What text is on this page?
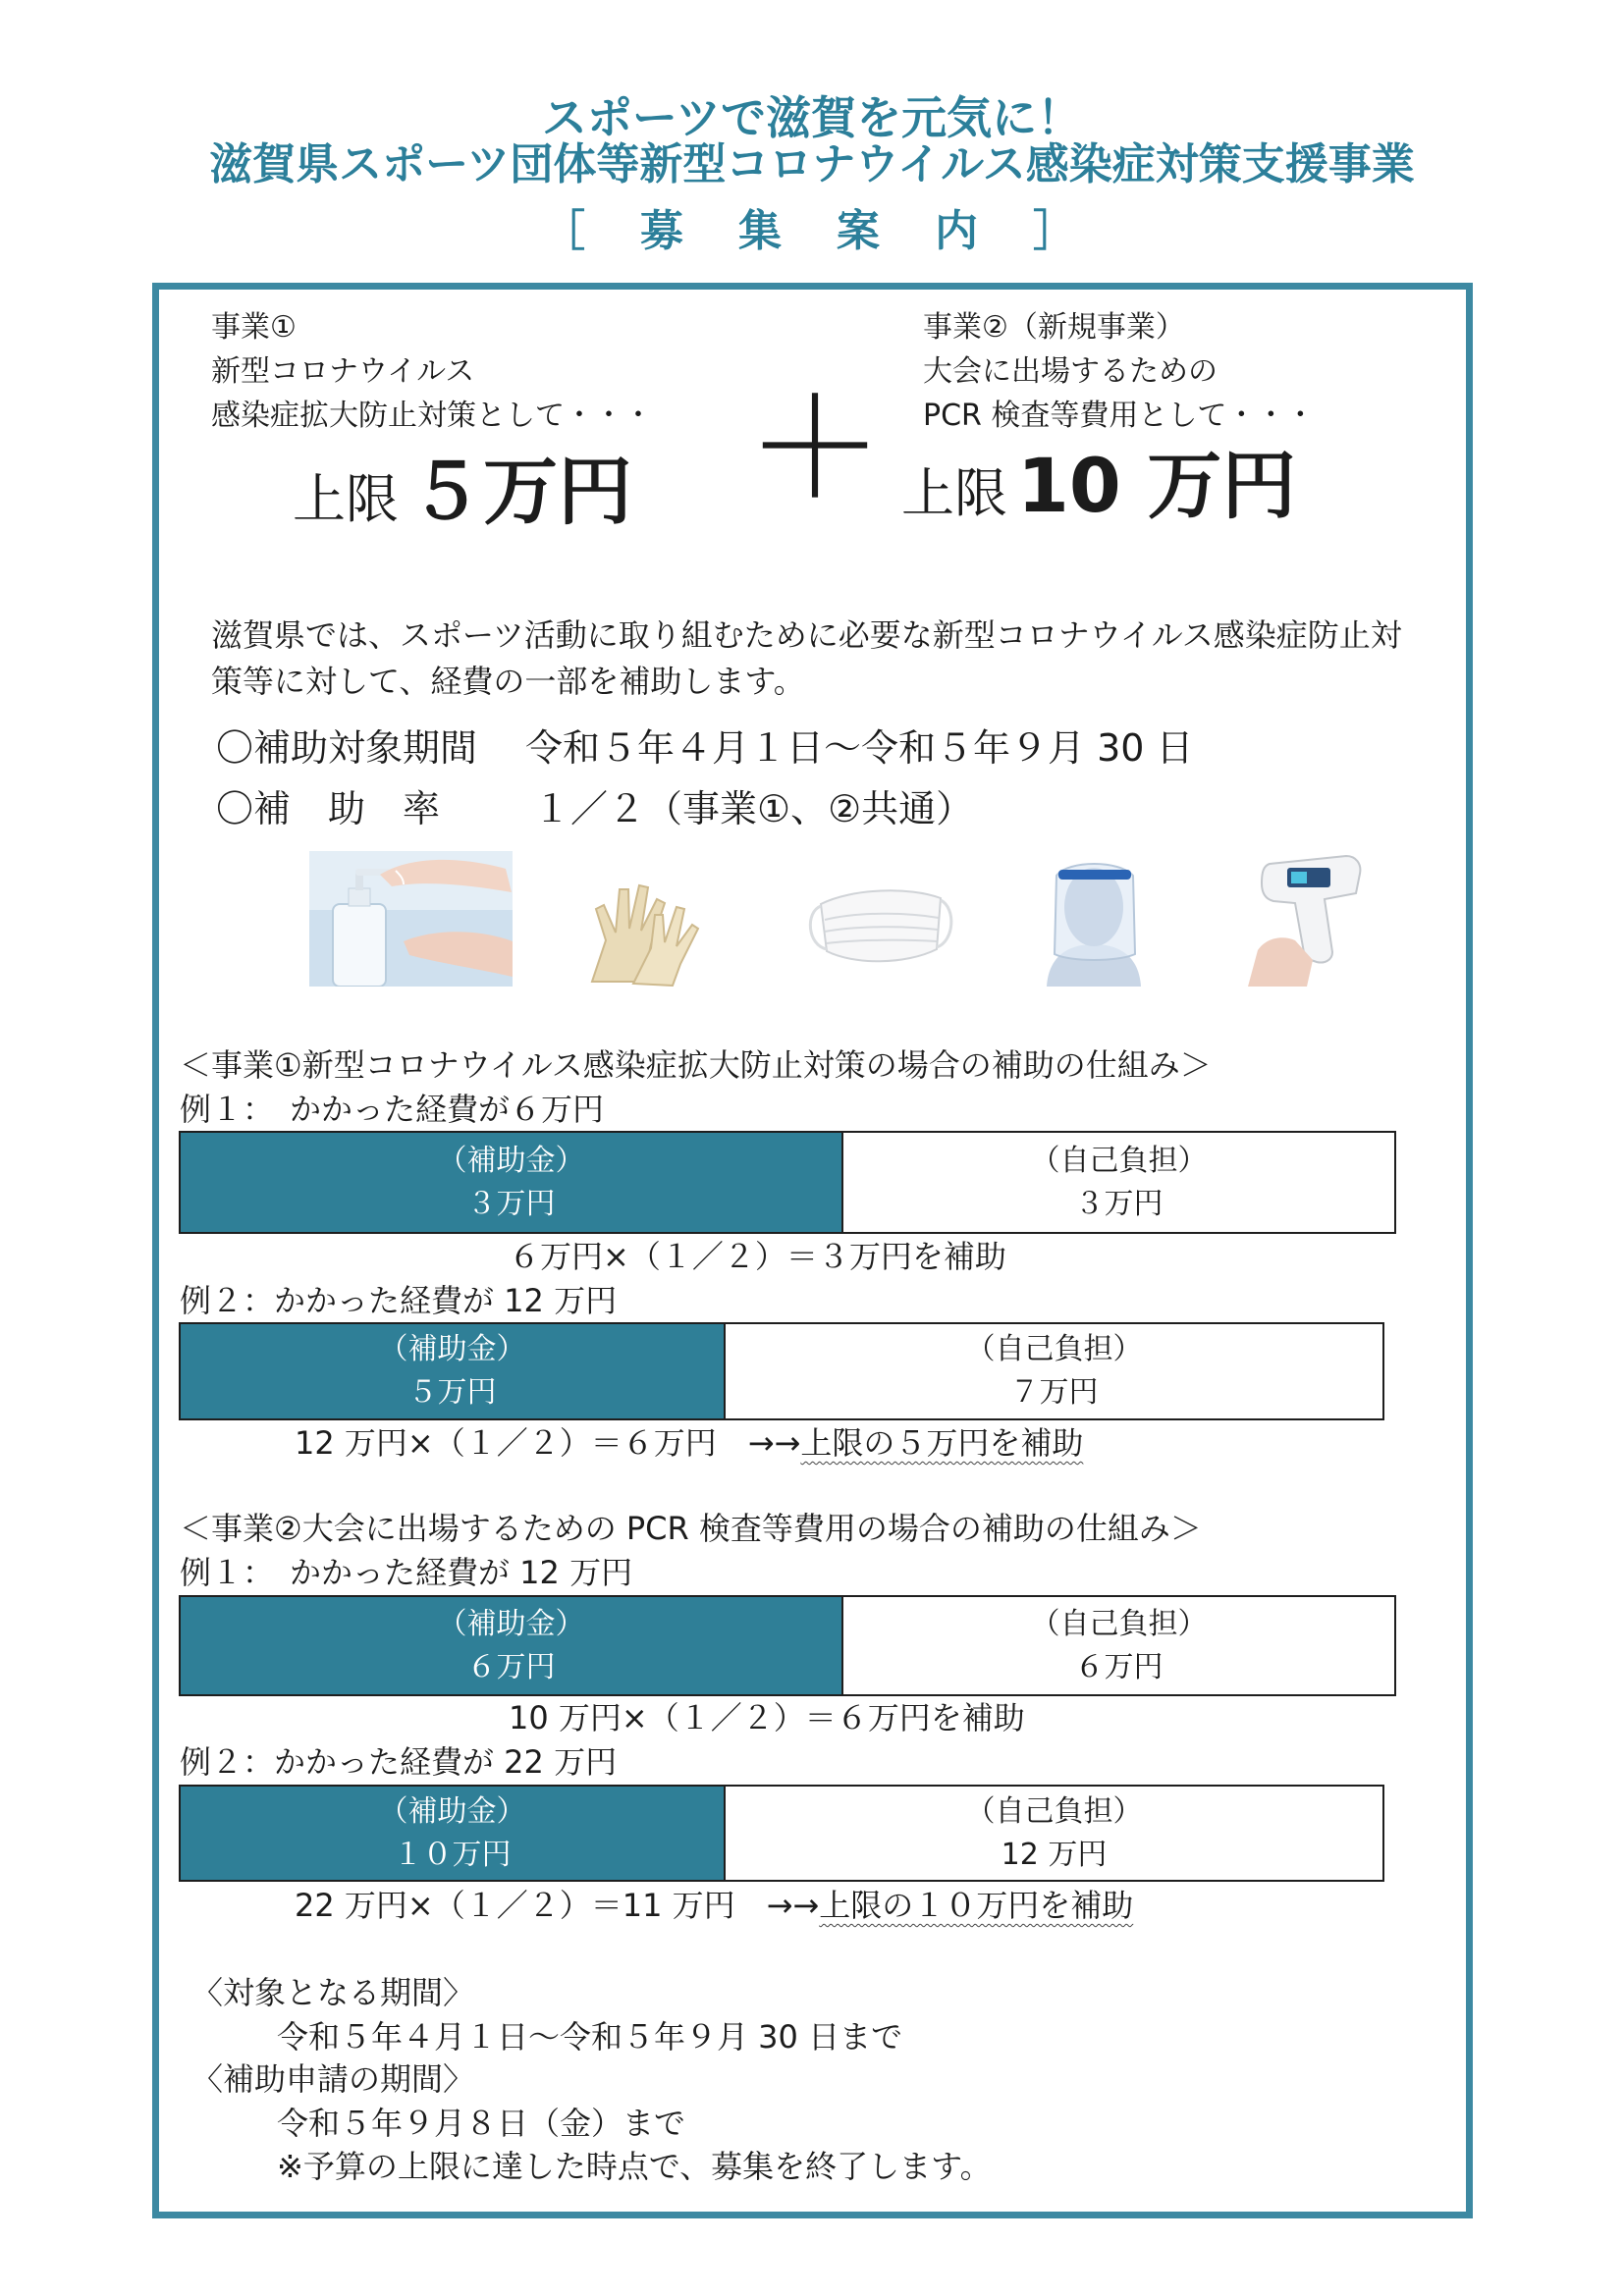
スポーツで滋賀を元気に！
滋賀県スポーツ団体等新型コロナウイルス感染症対策支援事業
［　募　集　案　内　］
事業①
新型コロナウイルス
感染症拡大防止対策として・・・
上限 ５万円 ＋
事業②（新規事業）
大会に出場するための
PCR 検査等費用として・・・
上限 10 万円
滋賀県では、スポーツ活動に取り組むために必要な新型コロナウイルス感染症防止対
策等に対して、経費の一部を補助します。
〇補助対象期間 令和５年４月１日～令和５年９月 30 日
〇補　助　率 １／２（事業①、②共通）
＜事業①新型コロナウイルス感染症拡大防止対策の場合の補助の仕組み＞
例１：　かかった経費が６万円
（補助金）
３万円
（自己負担）
３万円
６万円×（１／２）＝３万円を補助
例２：かかった経費が 12 万円
（補助金）
５万円
（自己負担）
７万円
12 万円×（１／２）＝６万円　→→上限の５万円を補助
＜事業②大会に出場するための PCR 検査等費用の場合の補助の仕組み＞
例１：　かかった経費が 12 万円
（補助金）
６万円
（自己負担）
６万円
10 万円×（１／２）＝６万円を補助
例２：かかった経費が 22 万円
（補助金）
１０万円
（自己負担）
12 万円
22 万円×（１／２）＝11 万円　→→上限の１０万円を補助
〈対象となる期間〉
令和５年４月１日～令和５年９月 30 日まで
〈補助申請の期間〉
令和５年９月８日（金）まで
※予算の上限に達した時点で、募集を終了します。
